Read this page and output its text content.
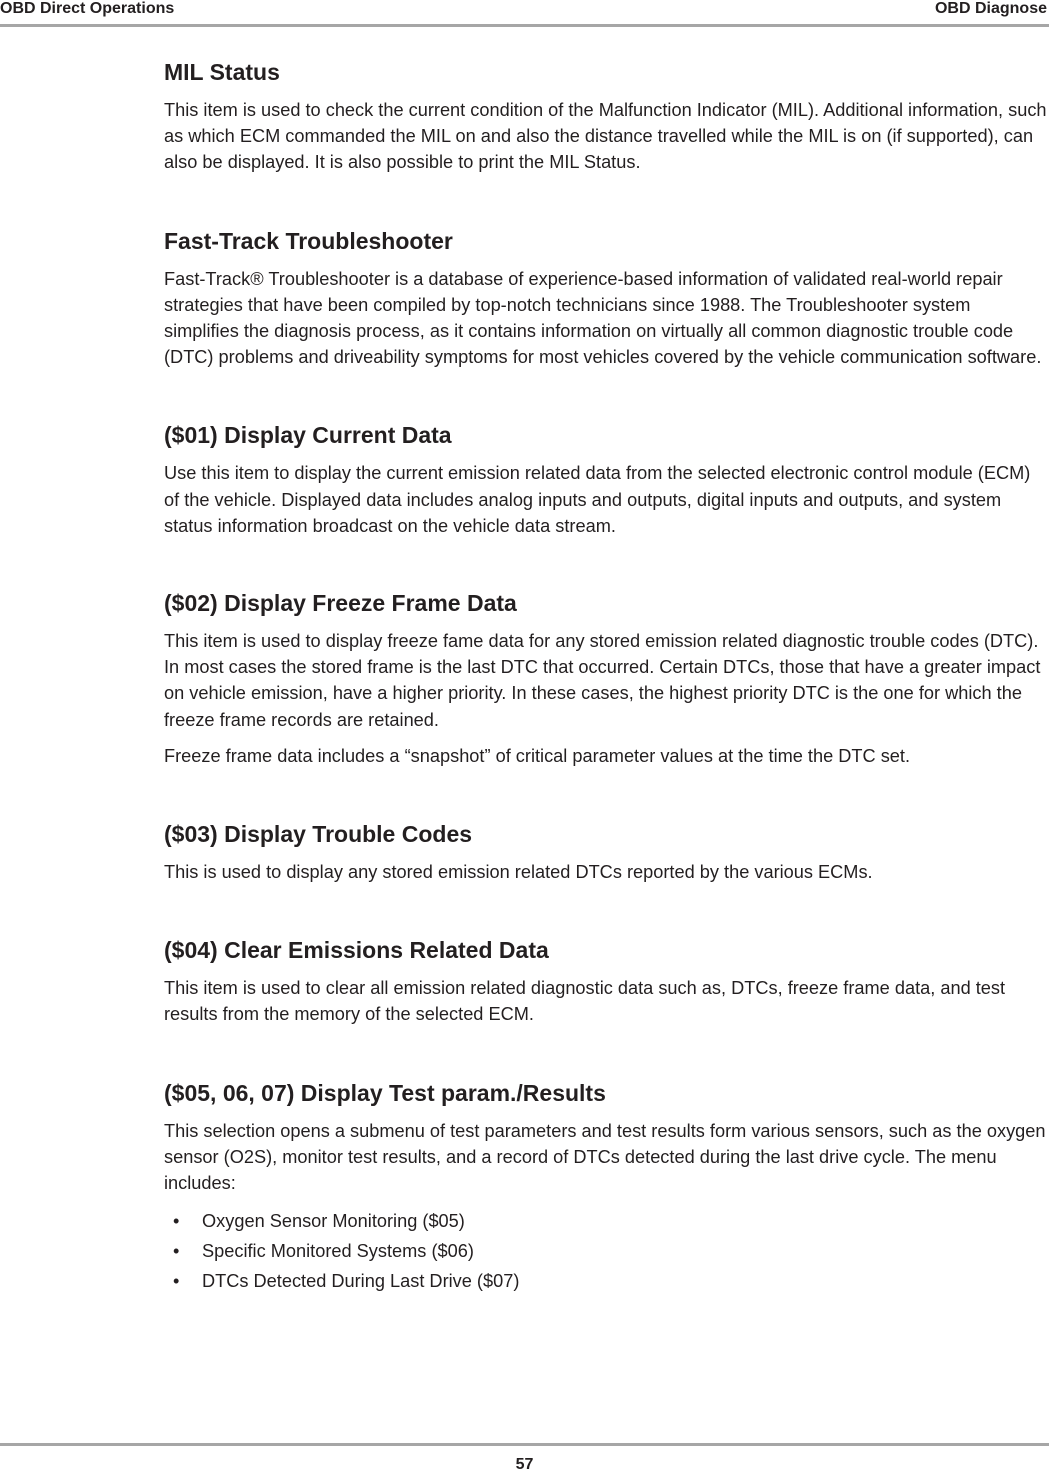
OBD Direct Operations	OBD Diagnose
MIL Status

This item is used to check the current condition of the Malfunction Indicator (MIL). Additional information, such as which ECM commanded the MIL on and also the distance travelled while the MIL is on (if supported), can also be displayed. It is also possible to print the MIL Status.

Fast-Track Troubleshooter

Fast-Track® Troubleshooter is a database of experience-based information of validated real-world repair strategies that have been compiled by top-notch technicians since 1988. The Troubleshooter system simplifies the diagnosis process, as it contains information on virtually all common diagnostic trouble code (DTC) problems and driveability symptoms for most vehicles covered by the vehicle communication software.

($01) Display Current Data

Use this item to display the current emission related data from the selected electronic control module (ECM) of the vehicle. Displayed data includes analog inputs and outputs, digital inputs and outputs, and system status information broadcast on the vehicle data stream.

($02) Display Freeze Frame Data

This item is used to display freeze fame data for any stored emission related diagnostic trouble codes (DTC). In most cases the stored frame is the last DTC that occurred. Certain DTCs, those that have a greater impact on vehicle emission, have a higher priority. In these cases, the highest priority DTC is the one for which the freeze frame records are retained.

Freeze frame data includes a “snapshot” of critical parameter values at the time the DTC set.

($03) Display Trouble Codes

This is used to display any stored emission related DTCs reported by the various ECMs.

($04) Clear Emissions Related Data

This item is used to clear all emission related diagnostic data such as, DTCs, freeze frame data, and test results from the memory of the selected ECM.

($05, 06, 07) Display Test param./Results

This selection opens a submenu of test parameters and test results form various sensors, such as the oxygen sensor (O2S), monitor test results, and a record of DTCs detected during the last drive cycle. The menu includes:

• Oxygen Sensor Monitoring ($05)
• Specific Monitored Systems ($06)
• DTCs Detected During Last Drive ($07)
57
